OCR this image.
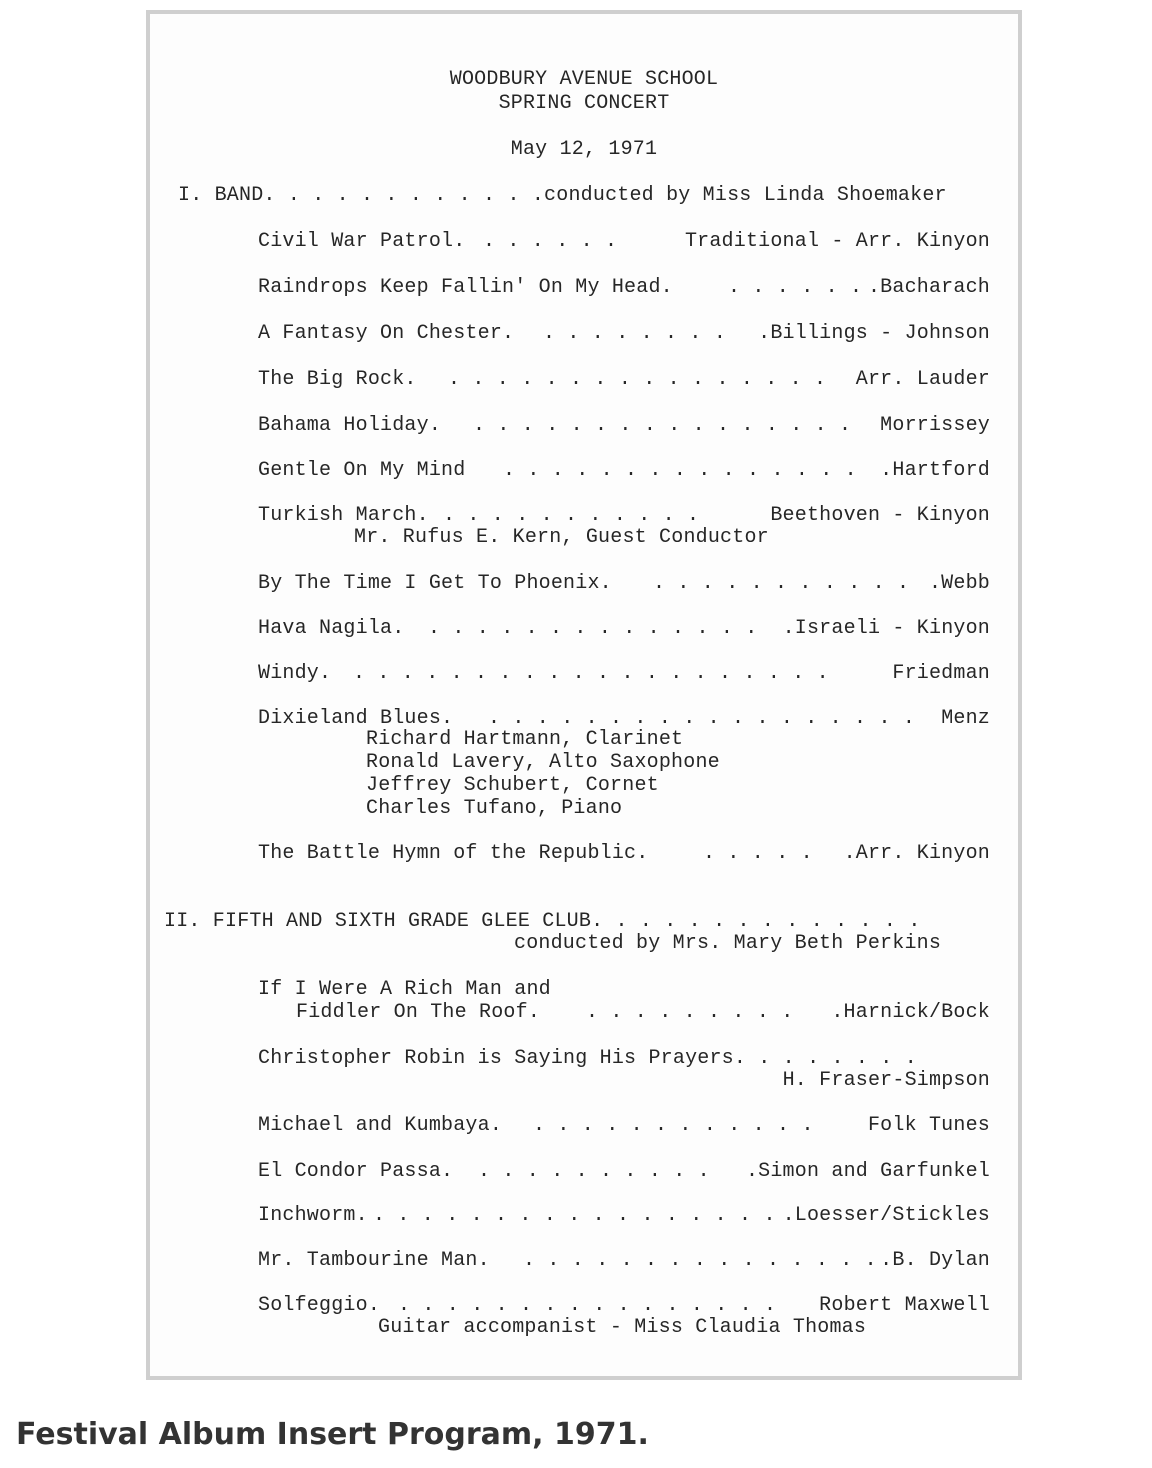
WOODBURY AVENUE SCHOOL
SPRING CONCERT
May 12, 1971
I. BAND. . . . . . . . . . . .conducted by Miss Linda Shoemaker
Civil War Patrol. . . . . . .	Traditional - Arr. Kinyon
Raindrops Keep Fallin' On My Head.	. . . . . . .Bacharach
A Fantasy On Chester. . . . . . . . . .Billings - Johnson
The Big Rock. . . . . . . . . . . . . . . . . Arr. Lauder
Bahama Holiday. . . . . . . . . . . . . . . . . Morrissey
Gentle On My Mind . . . . . . . . . . . . . . . .Hartford
Turkish March. . . . . . . . . . . .	Beethoven - Kinyon
Mr. Rufus E. Kern, Guest Conductor
By The Time I Get To Phoenix. . . . . . . . . . . . .Webb
Hava Nagila. . . . . . . . . . . . . . . .Israeli - Kinyon
Windy. . . . . . . . . . . . . . . . . . . . .	Friedman
Dixieland Blues. . . . . . . . . . . . . . . . . . . Menz
Richard Hartmann, Clarinet
Ronald Lavery, Alto Saxophone
Jeffrey Schubert, Cornet
Charles Tufano, Piano
The Battle Hymn of the Republic.	. . . . . .Arr. Kinyon
II. FIFTH AND SIXTH GRADE GLEE CLUB. . . . . . . . . . . . . .
conducted by Mrs. Mary Beth Perkins
If I Were A Rich Man and
Fiddler On The Roof. . . . . . . . . . .Harnick/Bock
Christopher Robin is Saying His Prayers. . . . . . . .
H. Fraser-Simpson
Michael and Kumbaya. . . . . . . . . . . . .	Folk Tunes
El Condor Passa. . . . . . . . . . . .Simon and Garfunkel
Inchworm. . . . . . . . . . . . . . . . . . .Loesser/Stickles
Mr. Tambourine Man. . . . . . . . . . . . . . . . .B. Dylan
Solfeggio. . . . . . . . . . . . . . . . . Robert Maxwell
Guitar accompanist - Miss Claudia Thomas
Festival Album Insert Program, 1971.
